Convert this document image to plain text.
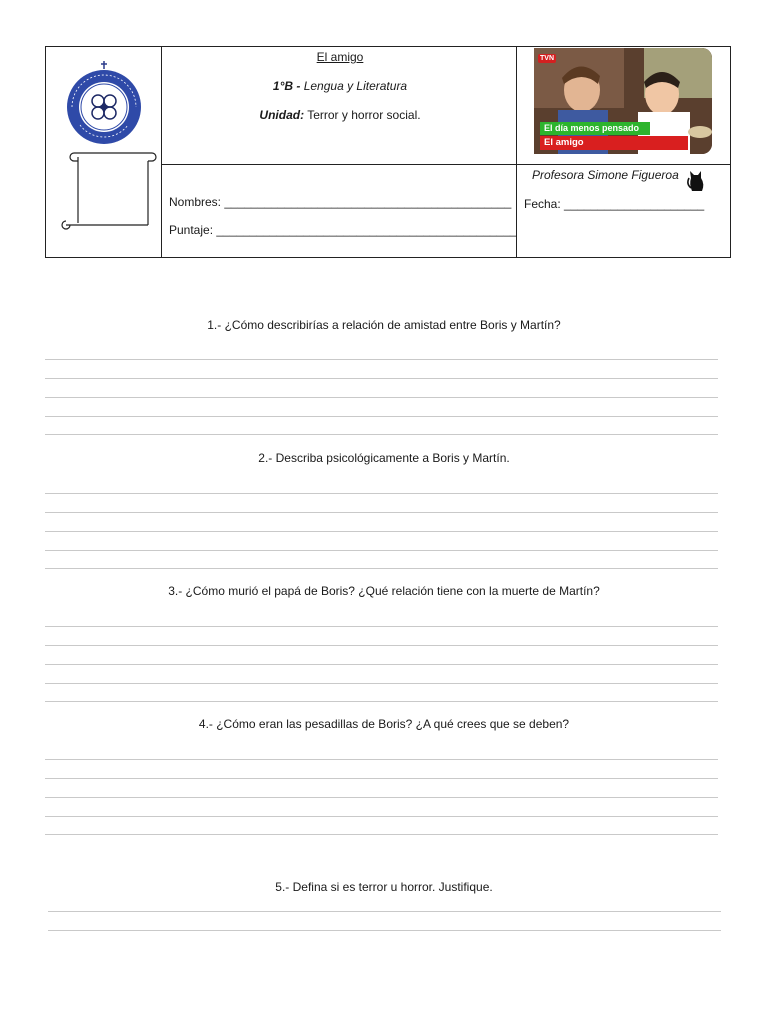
El amigo
1°B - Lengua y Literatura
Unidad: Terror y horror social.
TVN
El día menos pensado
El amigo
Nombres: ___________________________________________
Puntaje: _____________________________________________
Profesora Simone Figueroa
Fecha: _____________________
1.- ¿Cómo describirías a relación de amistad entre Boris y Martín?
2.- Describa psicológicamente a Boris y Martín.
3.- ¿Cómo murió el papá de Boris? ¿Qué relación tiene con la muerte de Martín?
4.- ¿Cómo eran las pesadillas de Boris? ¿A qué crees que se deben?
5.- Defina si es terror u horror. Justifique.
